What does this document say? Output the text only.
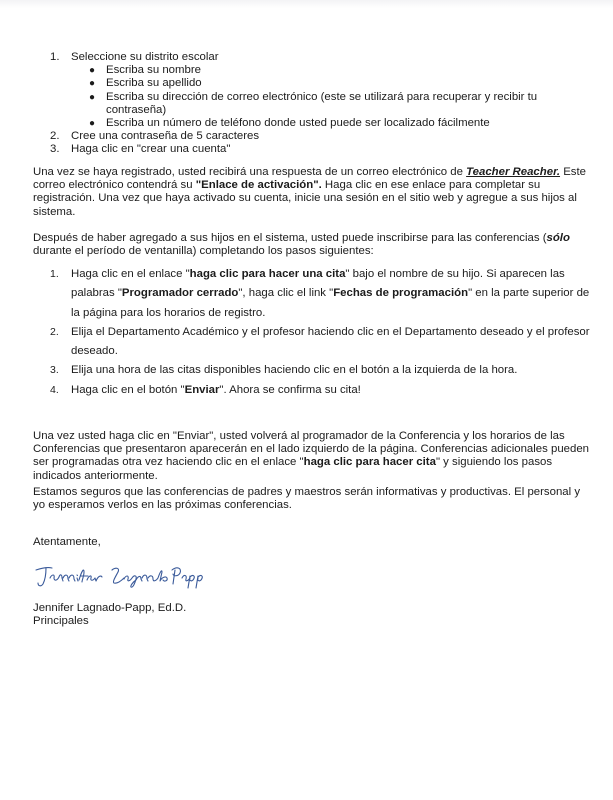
1.	Seleccione su distrito escolar
● Escriba su nombre
● Escriba su apellido
● Escriba su dirección de correo electrónico (este se utilizará para recuperar y recibir tu contraseña)
● Escriba un número de teléfono donde usted puede ser localizado fácilmente
2.	Cree una contraseña de 5 caracteres
3.	Haga clic en "crear una cuenta"

Una vez se haya registrado, usted recibirá una respuesta de un correo electrónico de Teacher Reacher. Este correo electrónico contendrá su "Enlace de activación". Haga clic en ese enlace para completar su registración. Una vez que haya activado su cuenta, inicie una sesión en el sitio web y agregue a sus hijos al sistema.

Después de haber agregado a sus hijos en el sistema, usted puede inscribirse para las conferencias (sólo durante el período de ventanilla) completando los pasos siguientes:

1.	Haga clic en el enlace "haga clic para hacer una cita" bajo el nombre de su hijo. Si aparecen las palabras "Programador cerrado", haga clic el link "Fechas de programación" en la parte superior de la página para los horarios de registro.
2.	Elija el Departamento Académico y el profesor haciendo clic en el Departamento deseado y el profesor deseado.
3.	Elija una hora de las citas disponibles haciendo clic en el botón a la izquierda de la hora.
4.	Haga clic en el botón "Enviar". Ahora se confirma su cita!

Una vez usted haga clic en "Enviar", usted volverá al programador de la Conferencia y los horarios de las Conferencias que presentaron aparecerán en el lado izquierdo de la página. Conferencias adicionales pueden ser programadas otra vez haciendo clic en el enlace "haga clic para hacer cita" y siguiendo los pasos indicados anteriormente.

Estamos seguros que las conferencias de padres y maestros serán informativas y productivas. El personal y yo esperamos verlos en las próximas conferencias.

Atentamente,

Jennifer Lagnado-Papp, Ed.D.
Principales
